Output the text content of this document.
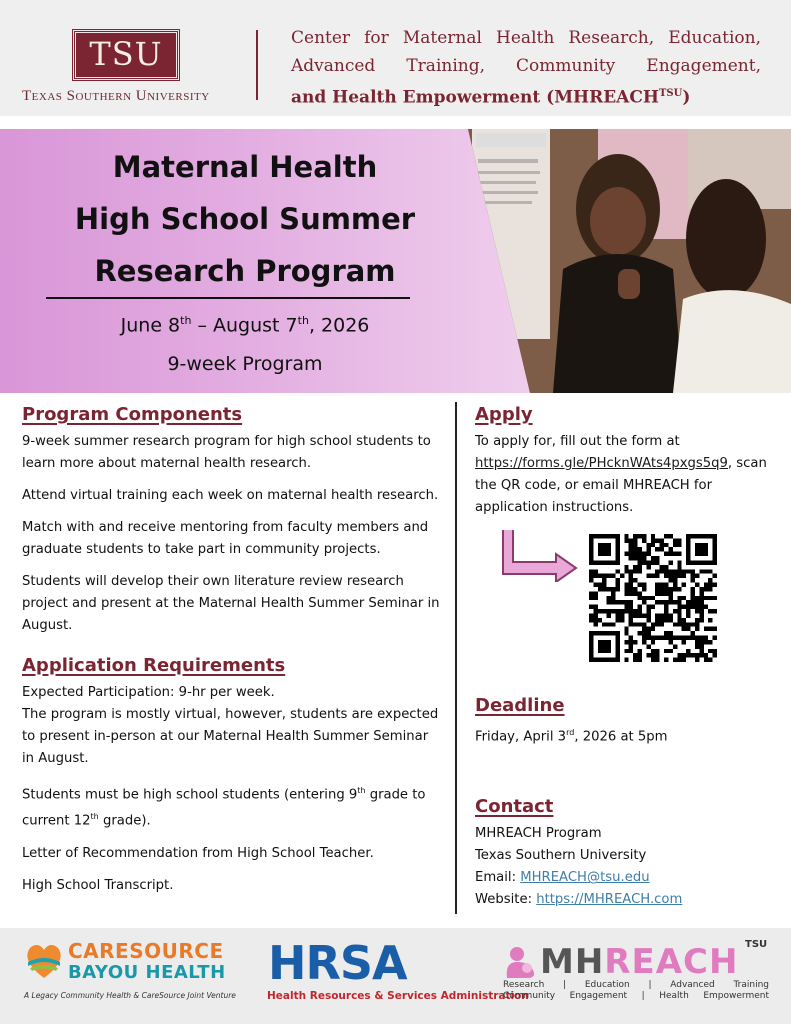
TSU
Texas Southern University
Center for Maternal Health Research, Education,
Advanced Training, Community Engagement,
and Health Empowerment $(MHREACH^{TSU})$
Maternal Health
High School Summer
Research Program
June 8th – August 7th, 2026
9-week Program
Program Components
9-week summer research program for high school students to learn more about maternal health research.
Attend virtual training each week on maternal health research.
Match with and receive mentoring from faculty members and graduate students to take part in community projects.
Students will develop their own literature review research project and present at the Maternal Health Summer Seminar in August.
Application Requirements
Expected Participation: 9-hr per week.
The program is mostly virtual, however, students are expected to present in-person at our Maternal Health Summer Seminar in August.
Students must be high school students (entering 9th grade to current 12th grade).
Letter of Recommendation from High School Teacher.
High School Transcript.
Apply
To apply for, fill out the form at
https://forms.gle/PHcknWAts4pxgs5q9, scan the QR code, or email MHREACH for application instructions.
Deadline
Friday, April 3rd, 2026 at 5pm
Contact
MHREACH Program
Texas Southern University
Email: MHREACH@tsu.edu
Website: https://MHREACH.com
CARESOURCE
BAYOU HEALTH
A Legacy Community Health & CareSource Joint Venture
HRSA
Health Resources & Services Administration
MHREACH TSU
Research | Education | Advanced Training
Community Engagement | Health Empowerment
